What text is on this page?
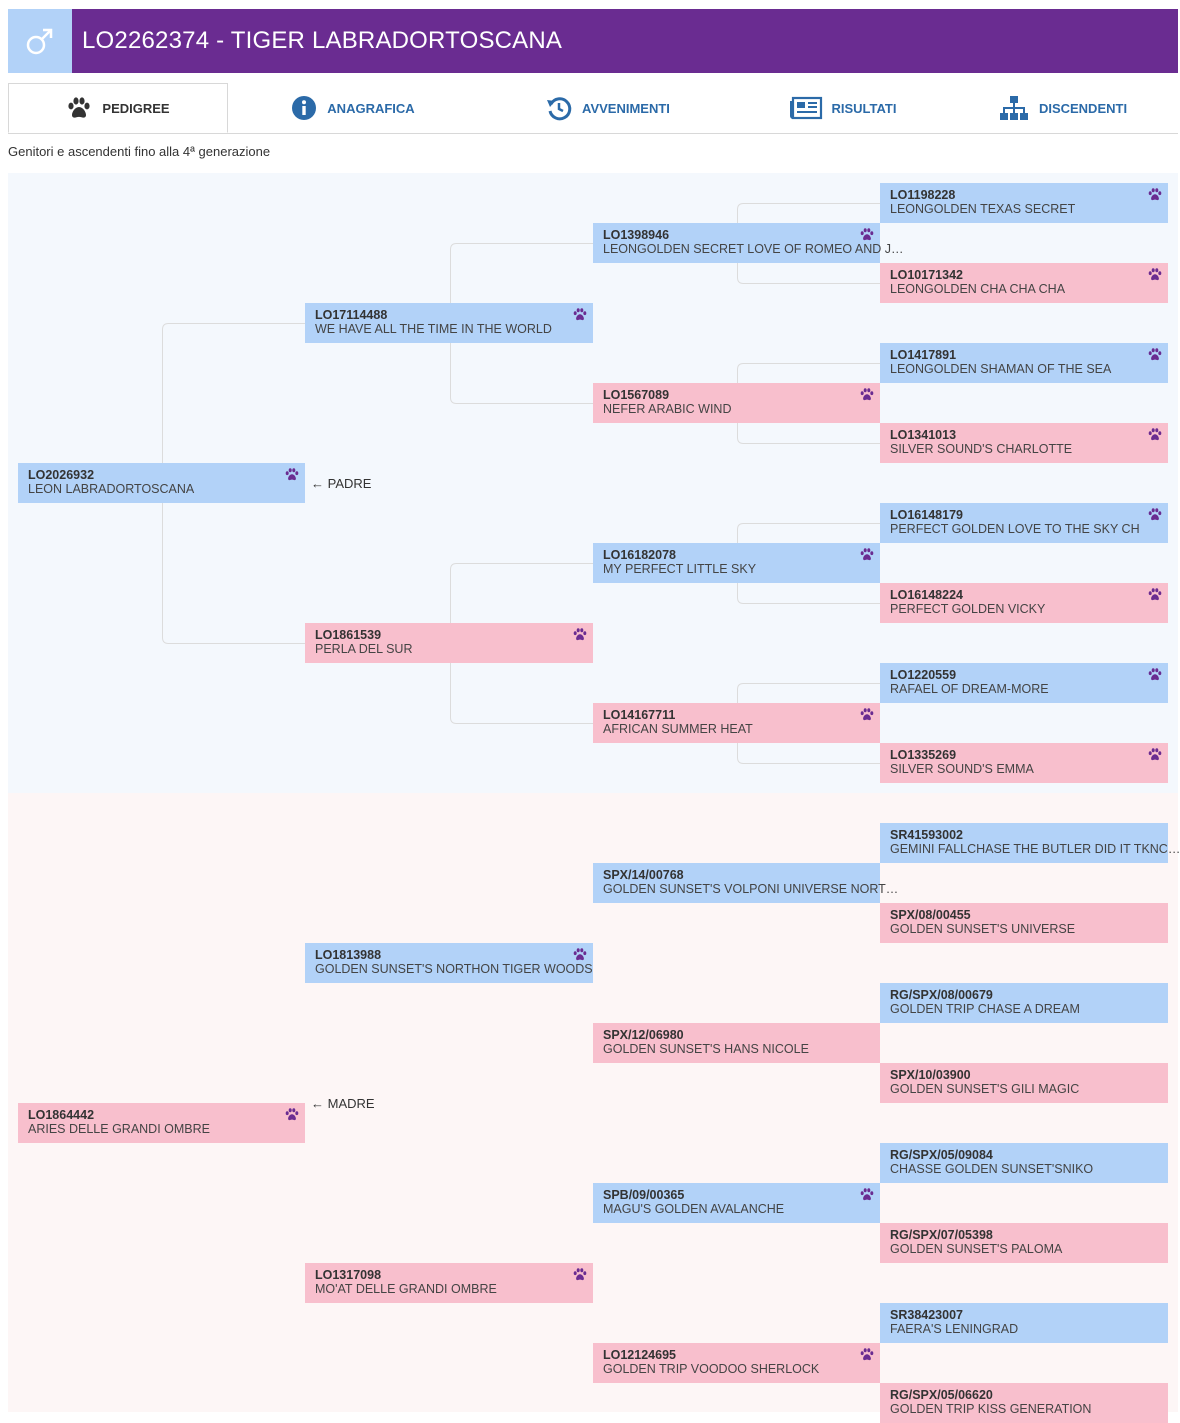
LO2262374 - TIGER LABRADORTOSCANA
PEDIGREE	ANAGRAFICA	AVVENIMENTI	RISULTATI	DISCENDENTI
Genitori e ascendenti fino alla 4ª generazione
LO2026932
LEON LABRADORTOSCANA
LO1864442
ARIES DELLE GRANDI OMBRE
LO17114488
WE HAVE ALL THE TIME IN THE WORLD
LO1861539
PERLA DEL SUR
LO1813988
GOLDEN SUNSET'S NORTHON TIGER WOODS
LO1317098
MO'AT DELLE GRANDI OMBRE
LO1398946
LEONGOLDEN SECRET LOVE OF ROMEO AND J…
LO1567089
NEFER ARABIC WIND
LO16182078
MY PERFECT LITTLE SKY
LO14167711
AFRICAN SUMMER HEAT
SPX/14/00768
GOLDEN SUNSET'S VOLPONI UNIVERSE NORT…
SPX/12/06980
GOLDEN SUNSET'S HANS NICOLE
SPB/09/00365
MAGU'S GOLDEN AVALANCHE
LO12124695
GOLDEN TRIP VOODOO SHERLOCK
LO1198228
LEONGOLDEN TEXAS SECRET
LO10171342
LEONGOLDEN CHA CHA CHA
LO1417891
LEONGOLDEN SHAMAN OF THE SEA
LO1341013
SILVER SOUND'S CHARLOTTE
LO16148179
PERFECT GOLDEN LOVE TO THE SKY CH
LO16148224
PERFECT GOLDEN VICKY
LO1220559
RAFAEL OF DREAM-MORE
LO1335269
SILVER SOUND'S EMMA
SR41593002
GEMINI FALLCHASE THE BUTLER DID IT TKNC…
SPX/08/00455
GOLDEN SUNSET'S UNIVERSE
RG/SPX/08/00679
GOLDEN TRIP CHASE A DREAM
SPX/10/03900
GOLDEN SUNSET'S GILI MAGIC
RG/SPX/05/09084
CHASSE GOLDEN SUNSET'SNIKO
RG/SPX/07/05398
GOLDEN SUNSET'S PALOMA
SR38423007
FAERA'S LENINGRAD
RG/SPX/05/06620
GOLDEN TRIP KISS GENERATION
← PADRE
← MADRE
